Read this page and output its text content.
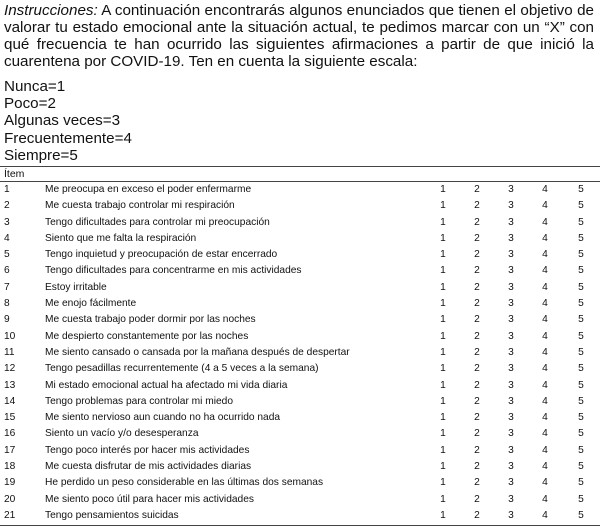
Instrucciones: A continuación encontrarás algunos enunciados que tienen el objetivo de valorar tu estado emocional ante la situación actual, te pedimos marcar con un “X” con qué frecuencia te han ocurrido las siguientes afirmaciones a partir de que inició la cuarentena por COVID-19. Ten en cuenta la siguiente escala:
Nunca=1
Poco=2
Algunas veces=3
Frecuentemente=4
Siempre=5
Ítem
1	Me preocupa en exceso el poder enfermarme	1	2	3	4	5
2	Me cuesta trabajo controlar mi respiración	1	2	3	4	5
3	Tengo dificultades para controlar mi preocupación	1	2	3	4	5
4	Siento que me falta la respiración	1	2	3	4	5
5	Tengo inquietud y preocupación de estar encerrado	1	2	3	4	5
6	Tengo dificultades para concentrarme en mis actividades	1	2	3	4	5
7	Estoy irritable	1	2	3	4	5
8	Me enojo fácilmente	1	2	3	4	5
9	Me cuesta trabajo poder dormir por las noches	1	2	3	4	5
10	Me despierto constantemente por las noches	1	2	3	4	5
11	Me siento cansado o cansada por la mañana después de despertar	1	2	3	4	5
12	Tengo pesadillas recurrentemente (4 a 5 veces a la semana)	1	2	3	4	5
13	Mi estado emocional actual ha afectado mi vida diaria	1	2	3	4	5
14	Tengo problemas para controlar mi miedo	1	2	3	4	5
15	Me siento nervioso aun cuando no ha ocurrido nada	1	2	3	4	5
16	Siento un vacío y/o desesperanza	1	2	3	4	5
17	Tengo poco interés por hacer mis actividades	1	2	3	4	5
18	Me cuesta disfrutar de mis actividades diarias	1	2	3	4	5
19	He perdido un peso considerable en las últimas dos semanas	1	2	3	4	5
20	Me siento poco útil para hacer mis actividades	1	2	3	4	5
21	Tengo pensamientos suicidas	1	2	3	4	5
